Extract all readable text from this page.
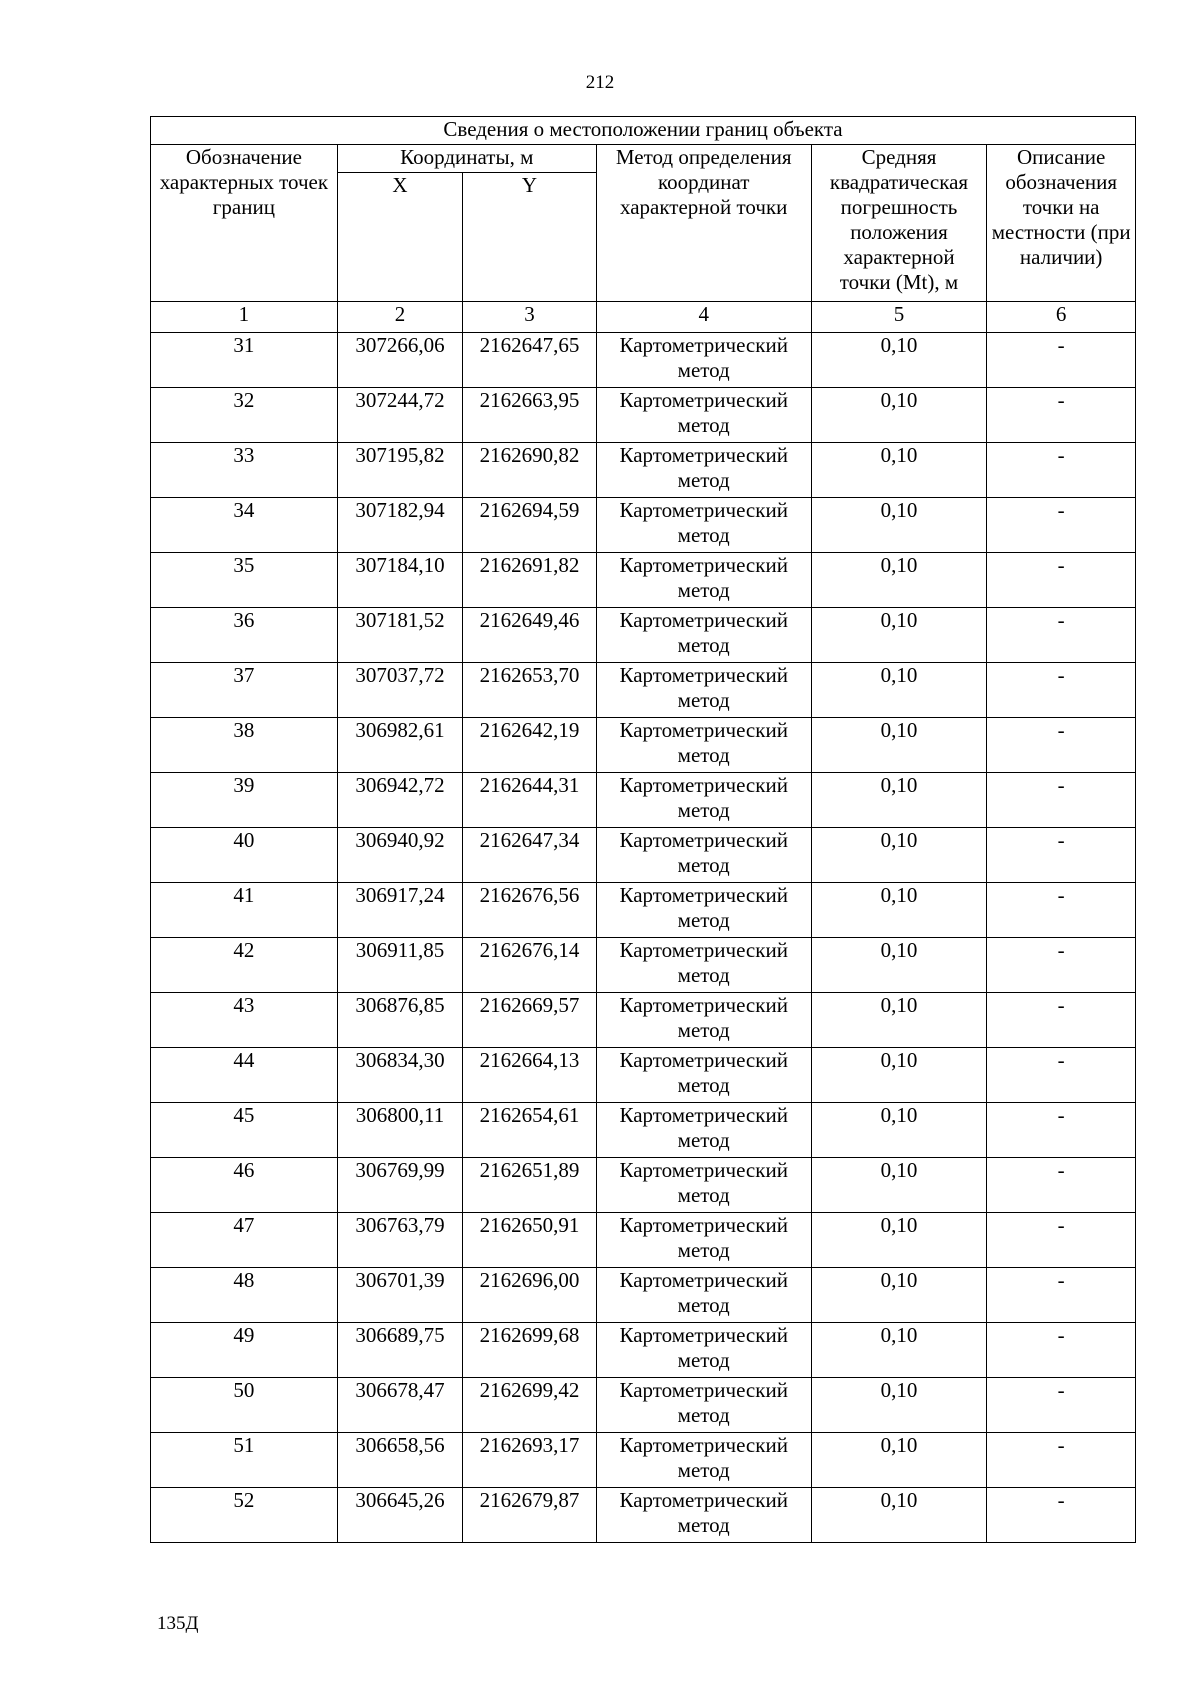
212
Сведения о местоположении границ объекта					
Обозначение характерных точек границ	Координаты, м		Метод определения координат характерной точки	Средняя квадратическая погрешность положения характерной точки (Mt), м	Описание обозначения точки на местности (при наличии)
	X	Y			
1	2	3	4	5	6
31	307266,06	2162647,65	Картометрический метод	0,10	-
32	307244,72	2162663,95	Картометрический метод	0,10	-
33	307195,82	2162690,82	Картометрический метод	0,10	-
34	307182,94	2162694,59	Картометрический метод	0,10	-
35	307184,10	2162691,82	Картометрический метод	0,10	-
36	307181,52	2162649,46	Картометрический метод	0,10	-
37	307037,72	2162653,70	Картометрический метод	0,10	-
38	306982,61	2162642,19	Картометрический метод	0,10	-
39	306942,72	2162644,31	Картометрический метод	0,10	-
40	306940,92	2162647,34	Картометрический метод	0,10	-
41	306917,24	2162676,56	Картометрический метод	0,10	-
42	306911,85	2162676,14	Картометрический метод	0,10	-
43	306876,85	2162669,57	Картометрический метод	0,10	-
44	306834,30	2162664,13	Картометрический метод	0,10	-
45	306800,11	2162654,61	Картометрический метод	0,10	-
46	306769,99	2162651,89	Картометрический метод	0,10	-
47	306763,79	2162650,91	Картометрический метод	0,10	-
48	306701,39	2162696,00	Картометрический метод	0,10	-
49	306689,75	2162699,68	Картометрический метод	0,10	-
50	306678,47	2162699,42	Картометрический метод	0,10	-
51	306658,56	2162693,17	Картометрический метод	0,10	-
52	306645,26	2162679,87	Картометрический метод	0,10	-
135Д
